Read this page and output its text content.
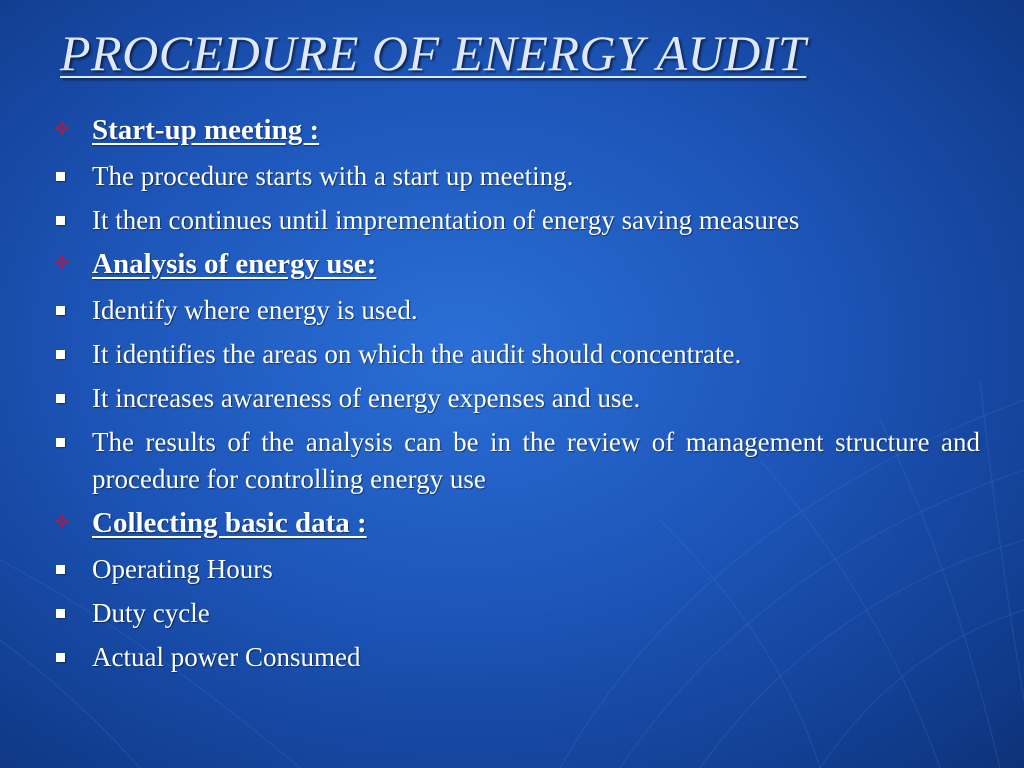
PROCEDURE OF ENERGY AUDIT
Start-up meeting :
The procedure starts with a start up meeting.
It then continues until imprementation of energy saving measures
Analysis of energy use:
Identify where energy is used.
It identifies the areas on which the audit should concentrate.
It increases awareness of energy expenses and use.
The results of the analysis can be in the review of management structure and procedure for controlling energy use
Collecting basic data :
Operating Hours
Duty cycle
Actual power Consumed
